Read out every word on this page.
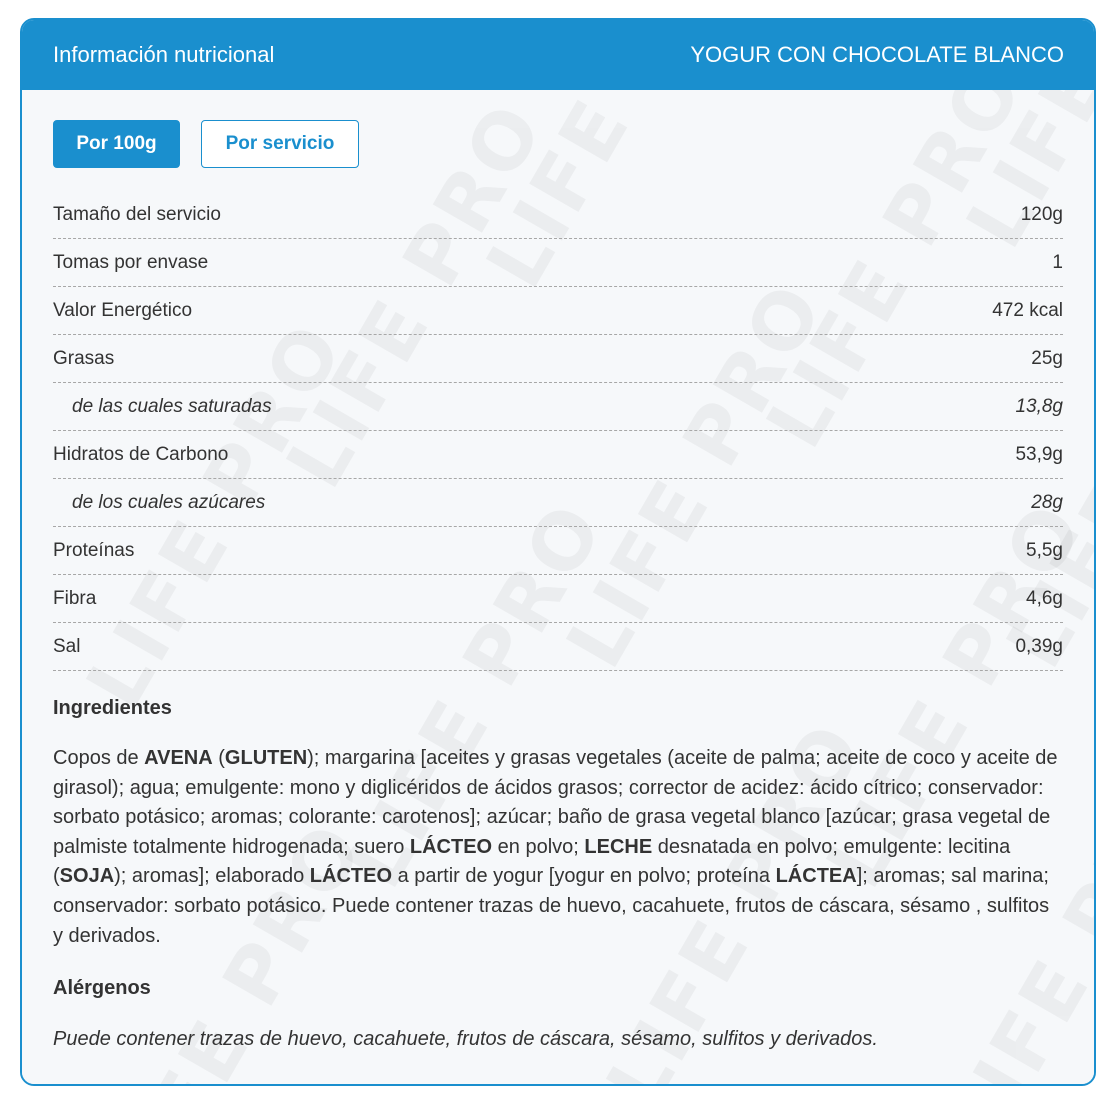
Información nutricional	YOGUR CON CHOCOLATE BLANCO
Por 100g	Por servicio
Tamaño del servicio	120g
Tomas por envase	1
Valor Energético	472 kcal
Grasas	25g
de las cuales saturadas	13,8g
Hidratos de Carbono	53,9g
de los cuales azúcares	28g
Proteínas	5,5g
Fibra	4,6g
Sal	0,39g
Ingredientes
Copos de AVENA (GLUTEN); margarina [aceites y grasas vegetales (aceite de palma; aceite de coco y aceite de girasol); agua; emulgente: mono y diglicéridos de ácidos grasos; corrector de acidez: ácido cítrico; conservador: sorbato potásico; aromas; colorante: carotenos]; azúcar; baño de grasa vegetal blanco [azúcar; grasa vegetal de palmiste totalmente hidrogenada; suero LÁCTEO en polvo; LECHE desnatada en polvo; emulgente: lecitina (SOJA); aromas]; elaborado LÁCTEO a partir de yogur [yogur en polvo; proteína LÁCTEA]; aromas; sal marina; conservador: sorbato potásico. Puede contener trazas de huevo, cacahuete, frutos de cáscara, sésamo , sulfitos y derivados.
Alérgenos
Puede contener trazas de huevo, cacahuete, frutos de cáscara, sésamo, sulfitos y derivados.
